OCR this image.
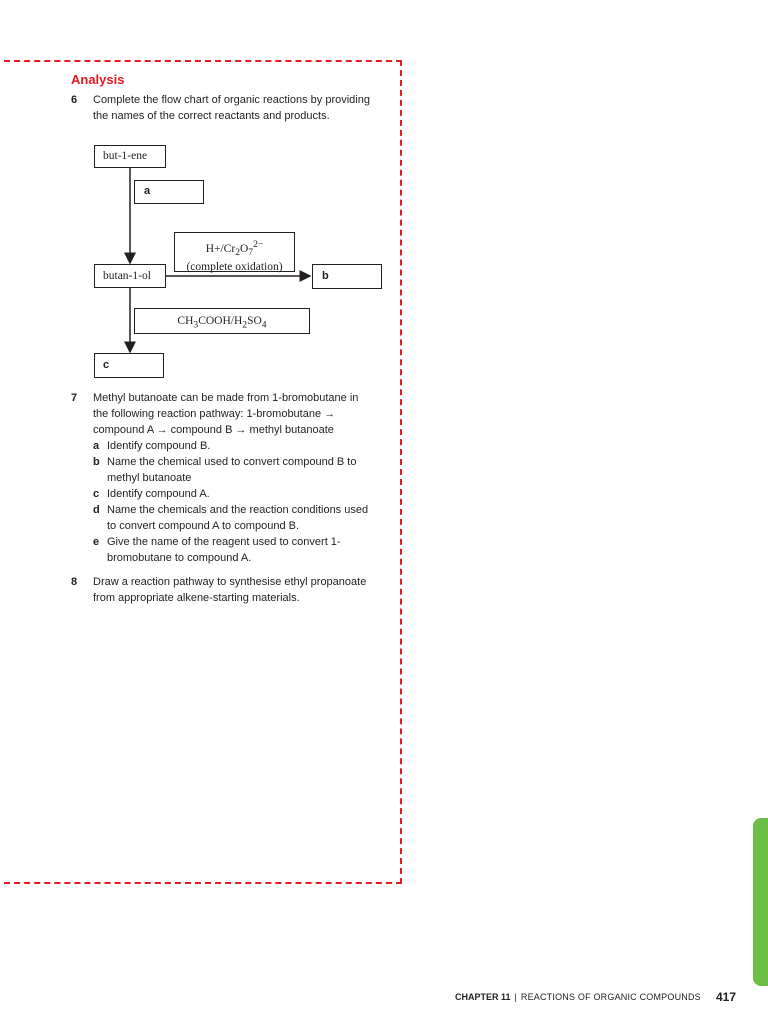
Analysis
6 Complete the flow chart of organic reactions by providing the names of the correct reactants and products.
but-1-ene
a
$H+/Cr_2O_7^{2-}$
(complete oxidation)
butan-1-ol	b
$CH_3COOH/H_2SO_4$
c
7 Methyl butanoate can be made from 1-bromobutane in the following reaction pathway: 1-bromobutane → compound A → compound B → methyl butanoate
a Identify compound B.
b Name the chemical used to convert compound B to methyl butanoate
c Identify compound A.
d Name the chemicals and the reaction conditions used to convert compound A to compound B.
e Give the name of the reagent used to convert 1-bromobutane to compound A.
8 Draw a reaction pathway to synthesise ethyl propanoate from appropriate alkene-starting materials.
CHAPTER 11 | REACTIONS OF ORGANIC COMPOUNDS 417
